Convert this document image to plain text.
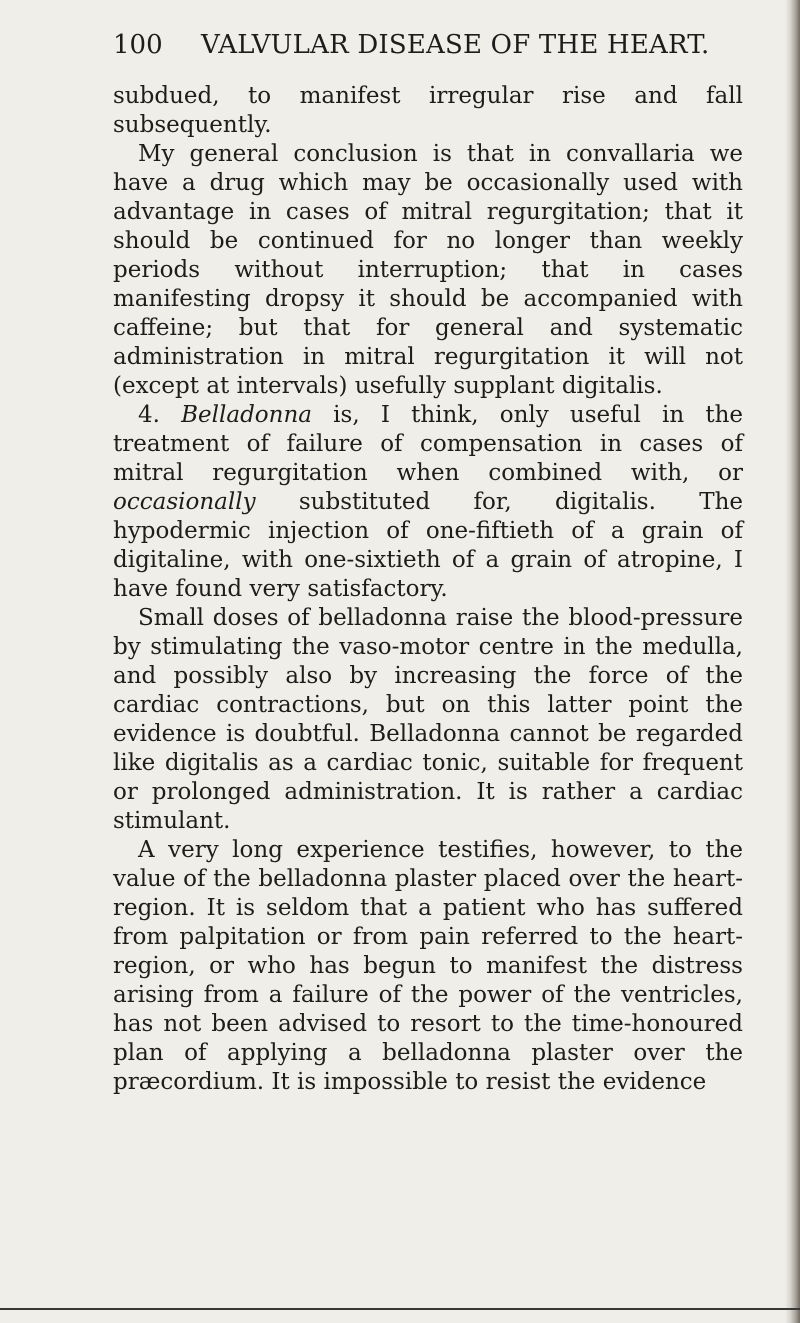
100 VALVULAR DISEASE OF THE HEART.

subdued, to manifest irregular rise and fall subsequently.

My general conclusion is that in convallaria we have a drug which may be occasionally used with advantage in cases of mitral regurgitation; that it should be continued for no longer than weekly periods without interruption; that in cases manifesting dropsy it should be accompanied with caffeine; but that for general and systematic administration in mitral regurgitation it will not (except at intervals) usefully supplant digitalis.

4. Belladonna is, I think, only useful in the treatment of failure of compensation in cases of mitral regurgitation when combined with, or occasionally substituted for, digitalis. The hypodermic injection of one-fiftieth of a grain of digitaline, with one-sixtieth of a grain of atropine, I have found very satisfactory.

Small doses of belladonna raise the blood-pressure by stimulating the vaso-motor centre in the medulla, and possibly also by increasing the force of the cardiac contractions, but on this latter point the evidence is doubtful. Belladonna cannot be regarded like digitalis as a cardiac tonic, suitable for frequent or prolonged administration. It is rather a cardiac stimulant.

A very long experience testifies, however, to the value of the belladonna plaster placed over the heart-region. It is seldom that a patient who has suffered from palpitation or from pain referred to the heart-region, or who has begun to manifest the distress arising from a failure of the power of the ventricles, has not been advised to resort to the time-honoured plan of applying a belladonna plaster over the præcordium. It is impossible to resist the evidence
